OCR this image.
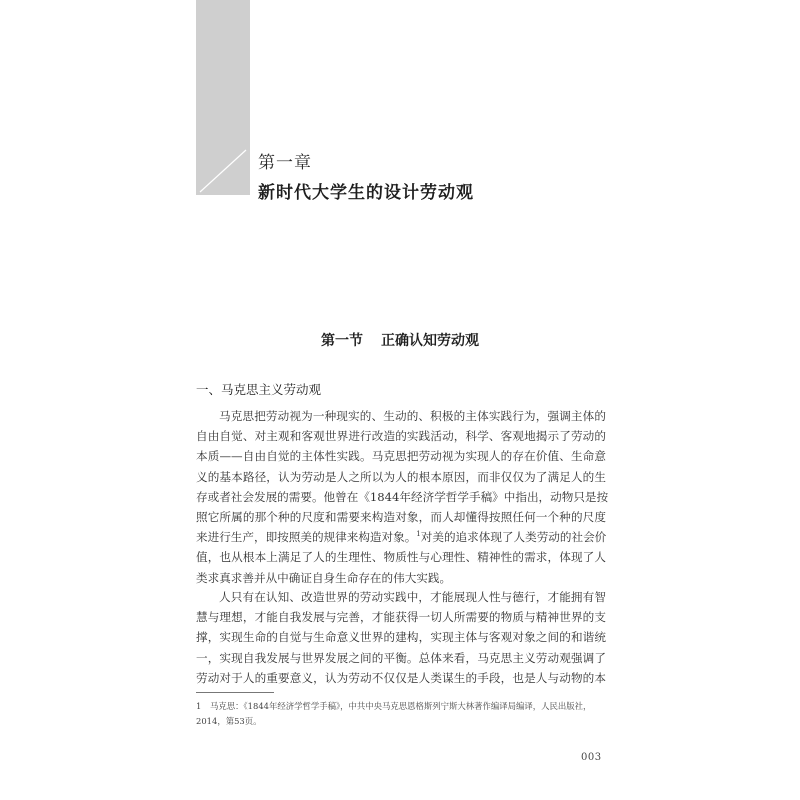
第一章
新时代大学生的设计劳动观
第一节 正确认知劳动观
一、马克思主义劳动观
马克思把劳动视为一种现实的、生动的、积极的主体实践行为，强调主体的
自由自觉、对主观和客观世界进行改造的实践活动，科学、客观地揭示了劳动的
本质——自由自觉的主体性实践。马克思把劳动视为实现人的存在价值、生命意
义的基本路径，认为劳动是人之所以为人的根本原因，而非仅仅为了满足人的生
存或者社会发展的需要。他曾在《1844年经济学哲学手稿》中指出，动物只是按
照它所属的那个种的尺度和需要来构造对象，而人却懂得按照任何一个种的尺度
来进行生产，即按照美的规律来构造对象。$^1$对美的追求体现了人类劳动的社会价
值，也从根本上满足了人的生理性、物质性与心理性、精神性的需求，体现了人
类求真求善并从中确证自身生命存在的伟大实践。
人只有在认知、改造世界的劳动实践中，才能展现人性与德行，才能拥有智
慧与理想，才能自我发展与完善，才能获得一切人所需要的物质与精神世界的支
撑，实现生命的自觉与生命意义世界的建构，实现主体与客观对象之间的和谐统
一，实现自我发展与世界发展之间的平衡。总体来看，马克思主义劳动观强调了
劳动对于人的重要意义，认为劳动不仅仅是人类谋生的手段，也是人与动物的本
1 马克思：《1844年经济学哲学手稿》，中共中央马克思恩格斯列宁斯大林著作编译局编译，人民出版社，
2014，第53页。
003
